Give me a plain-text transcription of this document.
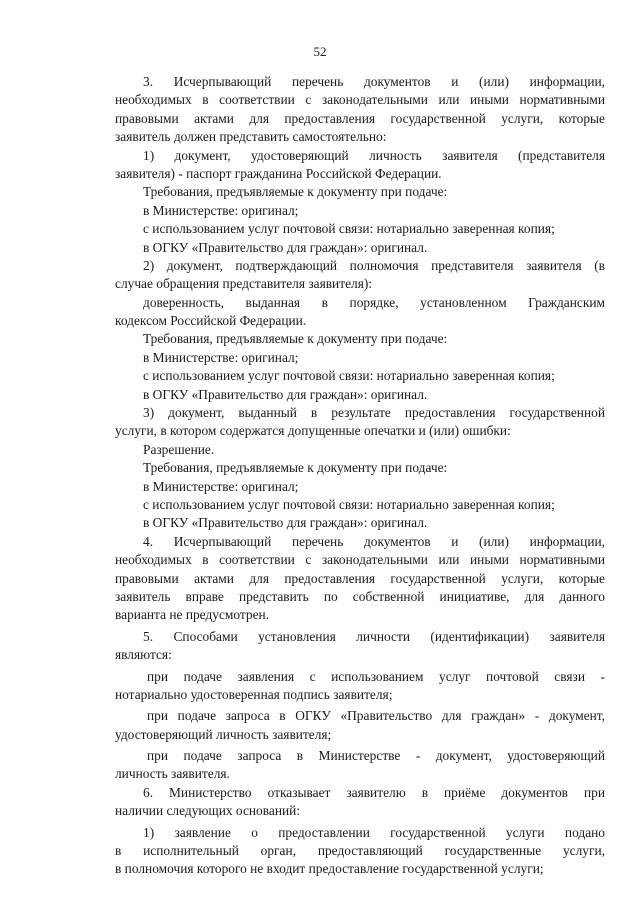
52
3. Исчерпывающий перечень документов и (или) информации,
необходимых в соответствии с законодательными или иными нормативными
правовыми актами для предоставления государственной услуги, которые
заявитель должен представить самостоятельно:
1) документ, удостоверяющий личность заявителя (представителя
заявителя) - паспорт гражданина Российской Федерации.
Требования, предъявляемые к документу при подаче:
в Министерстве: оригинал;
с использованием услуг почтовой связи: нотариально заверенная копия;
в ОГКУ «Правительство для граждан»: оригинал.
2) документ, подтверждающий полномочия представителя заявителя (в
случае обращения представителя заявителя):
доверенность, выданная в порядке, установленном Гражданским
кодексом Российской Федерации.
Требования, предъявляемые к документу при подаче:
в Министерстве: оригинал;
с использованием услуг почтовой связи: нотариально заверенная копия;
в ОГКУ «Правительство для граждан»: оригинал.
3) документ, выданный в результате предоставления государственной
услуги, в котором содержатся допущенные опечатки и (или) ошибки:
Разрешение.
Требования, предъявляемые к документу при подаче:
в Министерстве: оригинал;
с использованием услуг почтовой связи: нотариально заверенная копия;
в ОГКУ «Правительство для граждан»: оригинал.
4. Исчерпывающий перечень документов и (или) информации,
необходимых в соответствии с законодательными или иными нормативными
правовыми актами для предоставления государственной услуги, которые
заявитель вправе представить по собственной инициативе, для данного
варианта не предусмотрен.
5. Способами установления личности (идентификации) заявителя
являются:
при подаче заявления с использованием услуг почтовой связи -
нотариально удостоверенная подпись заявителя;
при подаче запроса в ОГКУ «Правительство для граждан» - документ,
удостоверяющий личность заявителя;
при подаче запроса в Министерстве - документ, удостоверяющий
личность заявителя.
6. Министерство отказывает заявителю в приёме документов при
наличии следующих оснований:
1) заявление о предоставлении государственной услуги подано
в исполнительный орган, предоставляющий государственные услуги,
в полномочия которого не входит предоставление государственной услуги;
